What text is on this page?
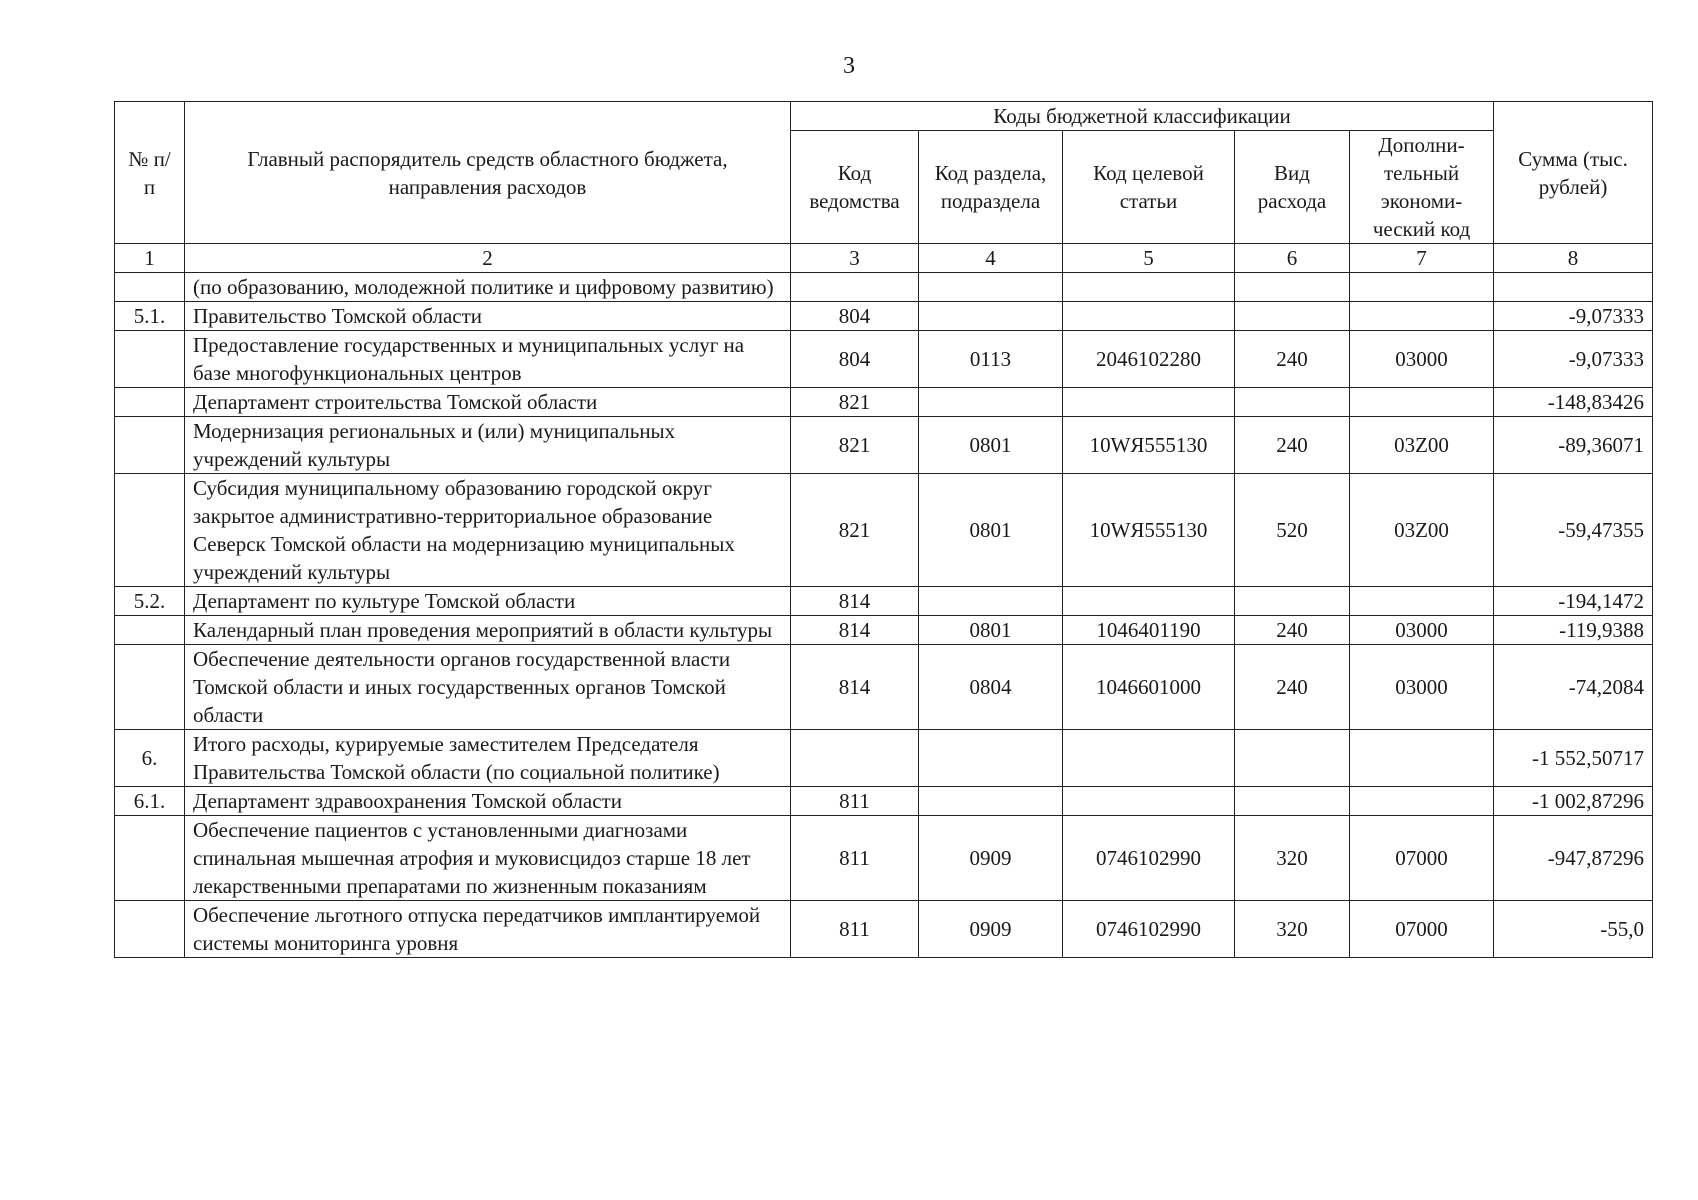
3
№ п/п	Главный распорядитель средств областного бюджета, направления расходов	Коды бюджетной классификации					Сумма (тыс. рублей)
		Код ведомства	Код раздела, подраздела	Код целевой статьи	Вид расхода	Дополни-тельный экономи-ческий код	
1	2	3	4	5	6	7	8
	(по образованию, молодежной политике и цифровому развитию)						
5.1.	Правительство Томской области	804					-9,07333
	Предоставление государственных и муниципальных услуг на базе многофункциональных центров	804	0113	2046102280	240	03000	-9,07333
	Департамент строительства Томской области	821					-148,83426
	Модернизация региональных и (или) муниципальных учреждений культуры	821	0801	10WЯ555130	240	03Z00	-89,36071
	Субсидия муниципальному образованию городской округ закрытое административно-территориальное образование Северск Томской области на модернизацию муниципальных учреждений культуры	821	0801	10WЯ555130	520	03Z00	-59,47355
5.2.	Департамент по культуре Томской области	814					-194,1472
	Календарный план проведения мероприятий в области культуры	814	0801	1046401190	240	03000	-119,9388
	Обеспечение деятельности органов государственной власти Томской области и иных государственных органов Томской области	814	0804	1046601000	240	03000	-74,2084
6.	Итого расходы, курируемые заместителем Председателя Правительства Томской области (по социальной политике)						-1 552,50717
6.1.	Департамент здравоохранения Томской области	811					-1 002,87296
	Обеспечение пациентов с установленными диагнозами спинальная мышечная атрофия и муковисцидоз старше 18 лет лекарственными препаратами по жизненным показаниям	811	0909	0746102990	320	07000	-947,87296
	Обеспечение льготного отпуска передатчиков имплантируемой системы мониторинга уровня	811	0909	0746102990	320	07000	-55,0
